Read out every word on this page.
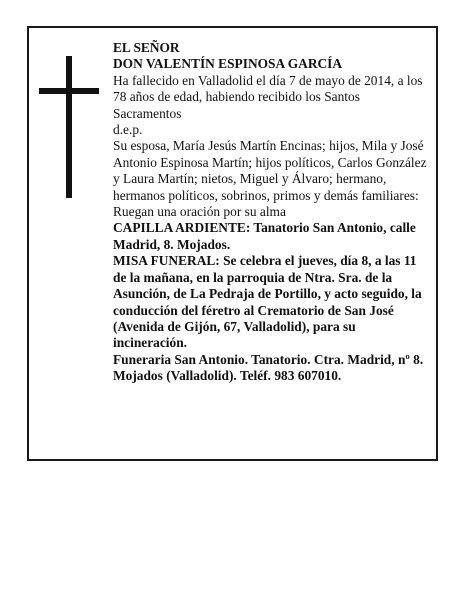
EL SEÑOR

DON VALENTÍN ESPINOSA GARCÍA

Ha fallecido en Valladolid el día 7 de mayo de 2014, a los 78 años de edad, habiendo recibido los Santos Sacramentos

d.e.p.

Su esposa, María Jesús Martín Encinas; hijos, Mila y José Antonio Espinosa Martín; hijos políticos, Carlos González y Laura Martín; nietos, Miguel y Álvaro; hermano, hermanos políticos, sobrinos, primos y demás familiares:

Ruegan una oración por su alma

CAPILLA ARDIENTE: Tanatorio San Antonio, calle Madrid, 8. Mojados.

MISA FUNERAL: Se celebra el jueves, día 8, a las 11 de la mañana, en la parroquia de Ntra. Sra. de la Asunción, de La Pedraja de Portillo, y acto seguido, la conducción del féretro al Crematorio de San José (Avenida de Gijón, 67, Valladolid), para su incineración.

Funeraria San Antonio. Tanatorio. Ctra. Madrid, nº 8. Mojados (Valladolid). Teléf. 983 607010.
